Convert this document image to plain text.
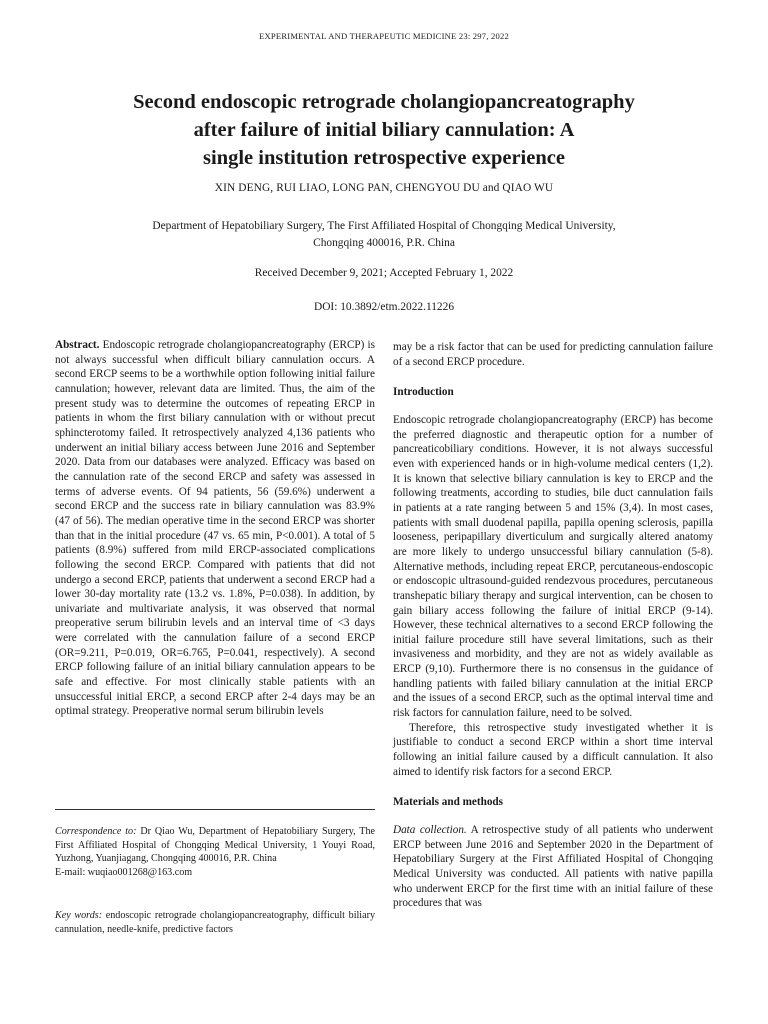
EXPERIMENTAL AND THERAPEUTIC MEDICINE 23: 297, 2022
Second endoscopic retrograde cholangiopancreatography
after failure of initial biliary cannulation: A
single institution retrospective experience
XIN DENG, RUI LIAO, LONG PAN, CHENGYOU DU and QIAO WU
Department of Hepatobiliary Surgery, The First Affiliated Hospital of Chongqing Medical University,
Chongqing 400016, P.R. China
Received December 9, 2021; Accepted February 1, 2022
DOI: 10.3892/etm.2022.11226

Abstract. Endoscopic retrograde cholangiopancreatography (ERCP) is not always successful when difficult biliary cannulation occurs. A second ERCP seems to be a worthwhile option following initial failure cannulation; however, relevant data are limited. Thus, the aim of the present study was to determine the outcomes of repeating ERCP in patients in whom the first biliary cannulation with or without precut sphincterotomy failed. It retrospectively analyzed 4,136 patients who underwent an initial biliary access between June 2016 and September 2020. Data from our databases were analyzed. Efficacy was based on the cannulation rate of the second ERCP and safety was assessed in terms of adverse events. Of 94 patients, 56 (59.6%) underwent a second ERCP and the success rate in biliary cannulation was 83.9% (47 of 56). The median operative time in the second ERCP was shorter than that in the initial procedure (47 vs. 65 min, P<0.001). A total of 5 patients (8.9%) suffered from mild ERCP-associated complications following the second ERCP. Compared with patients that did not undergo a second ERCP, patients that underwent a second ERCP had a lower 30-day mortality rate (13.2 vs. 1.8%, P=0.038). In addition, by univariate and multivariate analysis, it was observed that normal preoperative serum bilirubin levels and an interval time of <3 days were correlated with the cannulation failure of a second ERCP (OR=9.211, P=0.019, OR=6.765, P=0.041, respectively). A second ERCP following failure of an initial biliary cannulation appears to be safe and effective. For most clinically stable patients with an unsuccessful initial ERCP, a second ERCP after 2-4 days may be an optimal strategy. Preoperative normal serum bilirubin levels

Correspondence to: Dr Qiao Wu, Department of Hepatobiliary Surgery, The First Affiliated Hospital of Chongqing Medical University, 1 Youyi Road, Yuzhong, Yuanjiagang, Chongqing 400016, P.R. China

E-mail: wuqiao001268@163.com

Key words: endoscopic retrograde cholangiopancreatography, difficult biliary cannulation, needle-knife, predictive factors

may be a risk factor that can be used for predicting cannulation failure of a second ERCP procedure.

Introduction

Endoscopic retrograde cholangiopancreatography (ERCP) has become the preferred diagnostic and therapeutic option for a number of pancreaticobiliary conditions. However, it is not always successful even with experienced hands or in high-volume medical centers (1,2). It is known that selective biliary cannulation is key to ERCP and the following treatments, according to studies, bile duct cannulation fails in patients at a rate ranging between 5 and 15% (3,4). In most cases, patients with small duodenal papilla, papilla opening sclerosis, papilla looseness, peripapillary diverticulum and surgically altered anatomy are more likely to undergo unsuccessful biliary cannulation (5-8). Alternative methods, including repeat ERCP, percutaneous-endoscopic or endoscopic ultrasound-guided rendezvous procedures, percutaneous transhepatic biliary therapy and surgical intervention, can be chosen to gain biliary access following the failure of initial ERCP (9-14). However, these technical alternatives to a second ERCP following the initial failure procedure still have several limitations, such as their invasiveness and morbidity, and they are not as widely available as ERCP (9,10). Furthermore there is no consensus in the guidance of handling patients with failed biliary cannulation at the initial ERCP and the issues of a second ERCP, such as the optimal interval time and risk factors for cannulation failure, need to be solved.

Therefore, this retrospective study investigated whether it is justifiable to conduct a second ERCP within a short time interval following an initial failure caused by a difficult cannulation. It also aimed to identify risk factors for a second ERCP.

Materials and methods

Data collection. A retrospective study of all patients who underwent ERCP between June 2016 and September 2020 in the Department of Hepatobiliary Surgery at the First Affiliated Hospital of Chongqing Medical University was conducted. All patients with native papilla who underwent ERCP for the first time with an initial failure of these procedures that was
